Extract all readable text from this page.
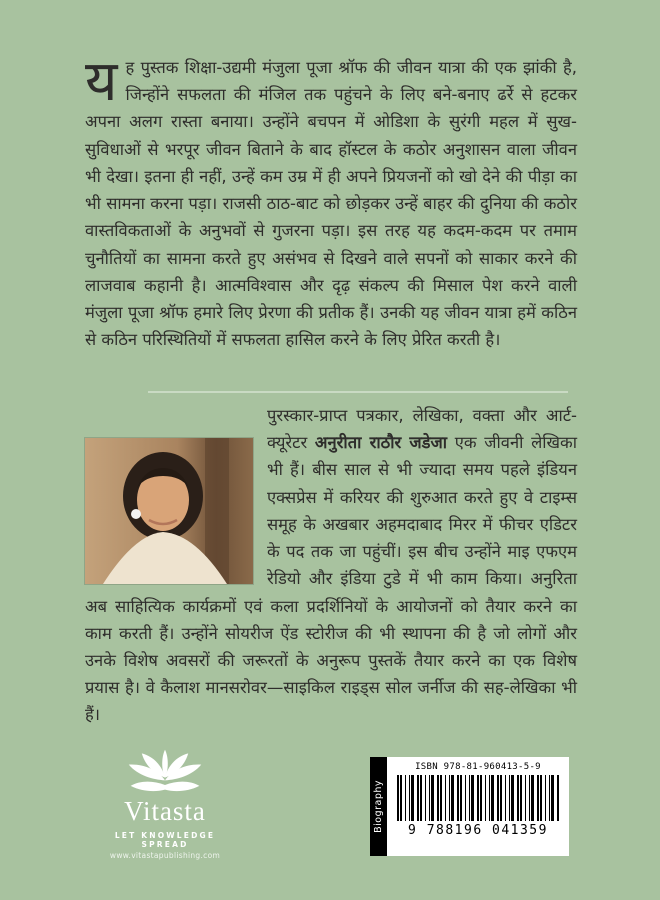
यह पुस्तक शिक्षा-उद्यमी मंजुला पूजा श्रॉफ की जीवन यात्रा की एक झांकी है, जिन्होंने सफलता की मंजिल तक पहुंचने के लिए बने-बनाए ढर्रे से हटकर अपना अलग रास्ता बनाया। उन्होंने बचपन में ओडिशा के सुरंगी महल में सुख-सुविधाओं से भरपूर जीवन बिताने के बाद हॉस्टल के कठोर अनुशासन वाला जीवन भी देखा। इतना ही नहीं, उन्हें कम उम्र में ही अपने प्रियजनों को खो देने की पीड़ा का भी सामना करना पड़ा। राजसी ठाठ-बाट को छोड़कर उन्हें बाहर की दुनिया की कठोर वास्तविकताओं के अनुभवों से गुजरना पड़ा। इस तरह यह कदम-कदम पर तमाम चुनौतियों का सामना करते हुए असंभव से दिखने वाले सपनों को साकार करने की लाजवाब कहानी है। आत्मविश्वास और दृढ़ संकल्प की मिसाल पेश करने वाली मंजुला पूजा श्रॉफ हमारे लिए प्रेरणा की प्रतीक हैं। उनकी यह जीवन यात्रा हमें कठिन से कठिन परिस्थितियों में सफलता हासिल करने के लिए प्रेरित करती है।
पुरस्कार-प्राप्त पत्रकार, लेखिका, वक्ता और आर्ट-क्यूरेटर अनुरीता राठौर जडेजा एक जीवनी लेखिका भी हैं। बीस साल से भी ज्यादा समय पहले इंडियन एक्सप्रेस में करियर की शुरुआत करते हुए वे टाइम्स समूह के अखबार अहमदाबाद मिरर में फीचर एडिटर के पद तक जा पहुंचीं। इस बीच उन्होंने माइ एफएम रेडियो और इंडिया टुडे में भी काम किया। अनुरिता अब साहित्यिक कार्यक्रमों एवं कला प्रदर्शिनियों के आयोजनों को तैयार करने का काम करती हैं। उन्होंने सोयरीज ऐंड स्टोरीज की भी स्थापना की है जो लोगों और उनके विशेष अवसरों की जरूरतों के अनुरूप पुस्तकें तैयार करने का एक विशेष प्रयास है। वे कैलाश मानसरोवर—साइकिल राइड्स सोल जर्नीज की सह-लेखिका भी हैं।
Vitasta
LET KNOWLEDGE SPREAD
www.vitastapublishing.com
Biography
ISBN 978-81-960413-5-9
9 788196 041359
